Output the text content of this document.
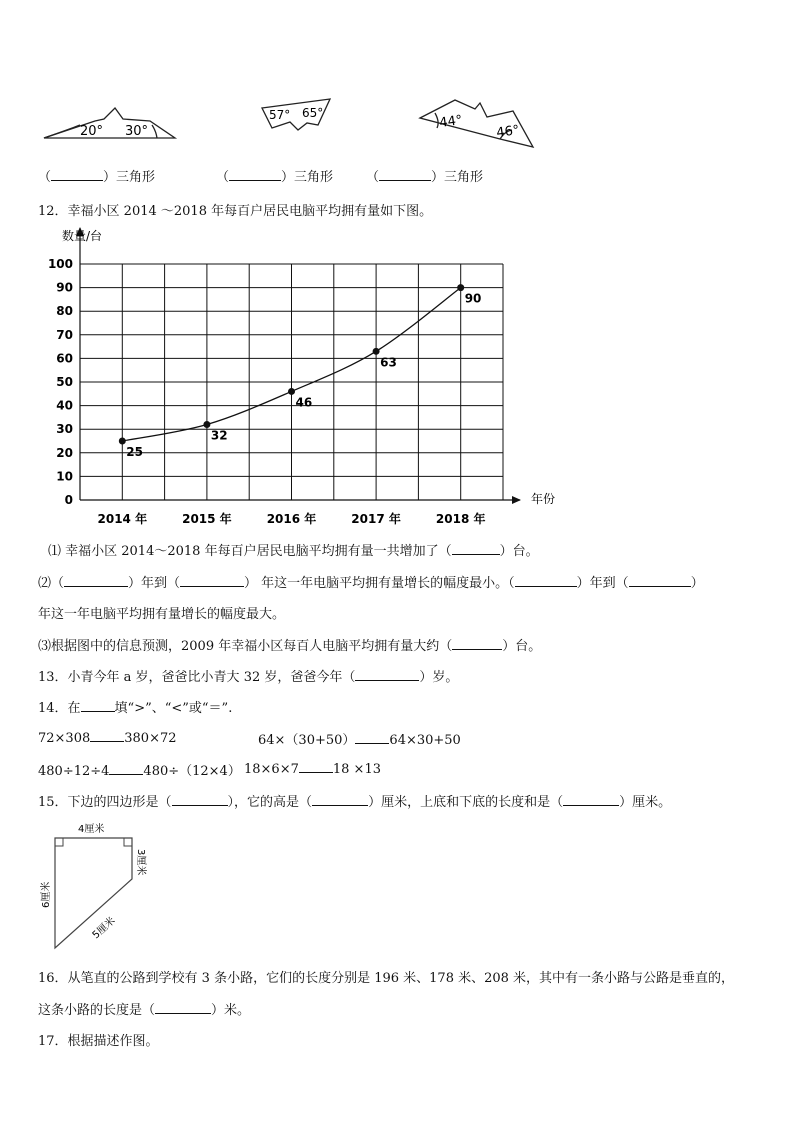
20° 30°
57° 65°	44°
46°
（	）三角形	（	）三角形	（	）三角形
12．幸福小区 2014 ～2018 年每百户居民电脑平均拥有量如下图。
0
10
20
30
40
50
60
70
80
90
100
2014 年	2015 年	2016 年	2017 年	2018 年
25
32
46
63
90
数量/台
年份
⑴ 幸福小区 2014～2018 年每百户居民电脑平均拥有量一共增加了（	）台。
⑵（	）年到（	） 年这一年电脑平均拥有量增长的幅度最小。（	）年到（	）
年这一年电脑平均拥有量增长的幅度最大。
⑶根据图中的信息预测，2009 年幸福小区每百人电脑平均拥有量大约（	）台。
13．小青今年 a 岁，爸爸比小青大 32 岁，爸爸今年（	）岁。
14．在	填“>”、“<”或“＝”.
72×308	380×72	64×（30+50）	64×30+50
480÷12÷4	480÷（12×4） 18×6×7	18 ×13
15．下边的四边形是（	），它的高是（	）厘米，上底和下底的长度和是（	）厘米。
4厘米
3厘米
6厘米
5厘米
16．从笔直的公路到学校有 3 条小路，它们的长度分别是 196 米、178 米、208 米，其中有一条小路与公路是垂直的，
这条小路的长度是（	）米。
17．根据描述作图。
